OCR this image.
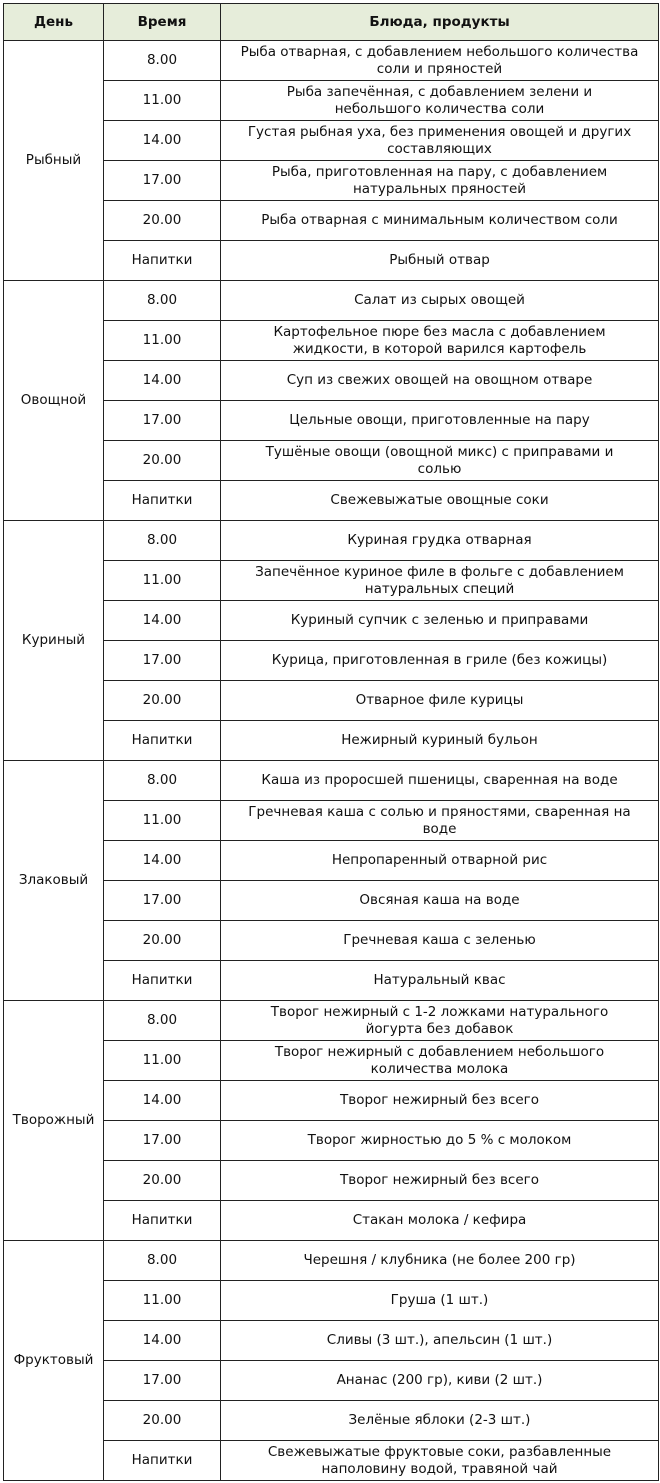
День	Время	Блюда, продукты
Рыбный	8.00	Рыба отварная, с добавлением небольшого количества
соли и пряностей
	11.00	Рыба запечённая, с добавлением зелени и
небольшого количества соли
	14.00	Густая рыбная уха, без применения овощей и других
составляющих
	17.00	Рыба, приготовленная на пару, с добавлением
натуральных пряностей
	20.00	Рыба отварная с минимальным количеством соли
	Напитки	Рыбный отвар
Овощной	8.00	Салат из сырых овощей
	11.00	Картофельное пюре без масла с добавлением
жидкости, в которой варился картофель
	14.00	Суп из свежих овощей на овощном отваре
	17.00	Цельные овощи, приготовленные на пару
	20.00	Тушёные овощи (овощной микс) с приправами и
солью
	Напитки	Свежевыжатые овощные соки
Куриный	8.00	Куриная грудка отварная
	11.00	Запечённое куриное филе в фольге с добавлением
натуральных специй
	14.00	Куриный супчик с зеленью и приправами
	17.00	Курица, приготовленная в гриле (без кожицы)
	20.00	Отварное филе курицы
	Напитки	Нежирный куриный бульон
Злаковый	8.00	Каша из проросшей пшеницы, сваренная на воде
	11.00	Гречневая каша с солью и пряностями, сваренная на
воде
	14.00	Непропаренный отварной рис
	17.00	Овсяная каша на воде
	20.00	Гречневая каша с зеленью
	Напитки	Натуральный квас
Творожный	8.00	Творог нежирный с 1-2 ложками натурального
йогурта без добавок
	11.00	Творог нежирный с добавлением небольшого
количества молока
	14.00	Творог нежирный без всего
	17.00	Творог жирностью до 5 % с молоком
	20.00	Творог нежирный без всего
	Напитки	Стакан молока / кефира
Фруктовый	8.00	Черешня / клубника (не более 200 гр)
	11.00	Груша (1 шт.)
	14.00	Сливы (3 шт.), апельсин (1 шт.)
	17.00	Ананас (200 гр), киви (2 шт.)
	20.00	Зелёные яблоки (2-3 шт.)
	Напитки	Свежевыжатые фруктовые соки, разбавленные
наполовину водой, травяной чай
